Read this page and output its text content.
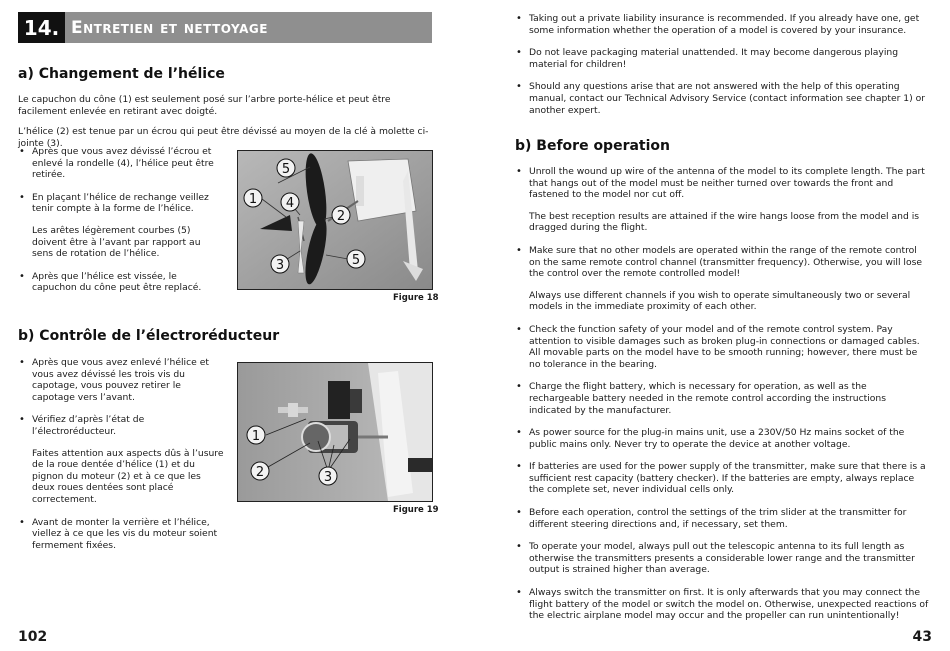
14. Entretien et nettoyage
a) Changement de l’hélice

Le capuchon du cône (1) est seulement posé sur l’arbre porte-hélice et peut être facilement enlevée en retirant avec doigté.

L’hélice (2) est tenue par un écrou qui peut être dévissé au moyen de la clé à molette ci-jointe (3).

• Après que vous avez dévissé l’écrou et enlevé la rondelle (4), l’hélice peut être retirée.
• En plaçant l’hélice de rechange veillez tenir compte à la forme de l’hélice.
Les arêtes légèrement courbes (5) doivent être à l’avant par rapport au sens de rotation de l’hélice.
• Après que l’hélice est vissée, le capuchon du cône peut être replacé.
5
1 4
2
3	5
Figure 18
b) Contrôle de l’électroréducteur
• Après que vous avez enlevé l’hélice et vous avez dévissé les trois vis du capotage, vous pouvez retirer le capotage vers l’avant.
• Vérifiez d’après l’état de l’électroréducteur.
Faites attention aux aspects dûs à l’usure de la roue dentée d’hélice (1) et du pignon du moteur (2) et à ce que les deux roues dentées sont placé correctement.
• Avant de monter la verrière et l’hélice, viellez à ce que les vis du moteur soient fermement fixées.
1
2	3
Figure 19
102
• Taking out a private liability insurance is recommended. If you already have one, get some information whether the operation of a model is covered by your insurance.
• Do not leave packaging material unattended. It may become dangerous playing material for children!
• Should any questions arise that are not answered with the help of this operating manual, contact our Technical Advisory Service (contact information see chapter 1) or another expert.
b) Before operation
• Unroll the wound up wire of the antenna of the model to its complete length. The part that hangs out of the model must be neither turned over towards the front and fastened to the model nor cut off.
The best reception results are attained if the wire hangs loose from the model and is dragged during the flight.
• Make sure that no other models are operated within the range of the remote control on the same remote control channel (transmitter frequency). Otherwise, you will lose the control over the remote controlled model!
Always use different channels if you wish to operate simultaneously two or several models in the immediate proximity of each other.
• Check the function safety of your model and of the remote control system. Pay attention to visible damages such as broken plug-in connections or damaged cables. All movable parts on the model have to be smooth running; however, there must be no tolerance in the bearing.
• Charge the flight battery, which is necessary for operation, as well as the rechargeable battery needed in the remote control according the instructions indicated by the manufacturer.
• As power source for the plug-in mains unit, use a 230V/50 Hz mains socket of the public mains only. Never try to operate the device at another voltage.
• If batteries are used for the power supply of the transmitter, make sure that there is a sufficient rest capacity (battery checker). If the batteries are empty, always replace the complete set, never individual cells only.
• Before each operation, control the settings of the trim slider at the transmitter for different steering directions and, if necessary, set them.
• To operate your model, always pull out the telescopic antenna to its full length as otherwise the transmitters presents a considerable lower range and the transmitter output is strained higher than average.
• Always switch the transmitter on first. It is only afterwards that you may connect the flight battery of the model or switch the model on. Otherwise, unexpected reactions of the electric airplane model may occur and the propeller can run unintentionally!
43
